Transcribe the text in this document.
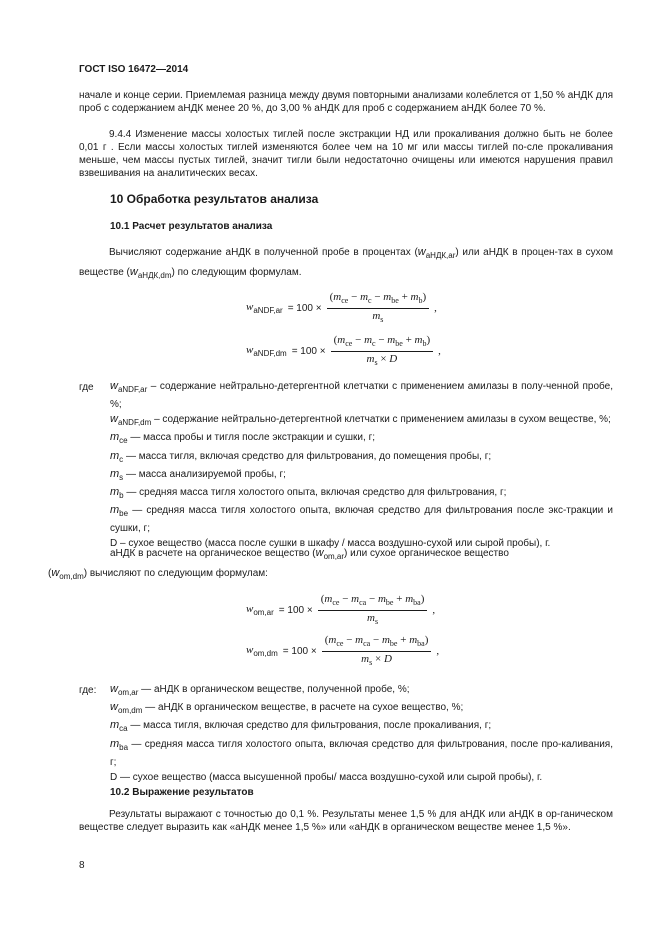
ГОСТ ISO 16472—2014

начале и конце серии. Приемлемая разница между двумя повторными анализами колеблется от 1,50 % аНДК для проб с содержанием аНДК менее 20 %, до 3,00 % аНДК для проб с содержанием аНДК более 70 %.

9.4.4 Изменение массы холостых тиглей после экстракции НД или прокаливания должно быть не более 0,01 г . Если массы холостых тиглей изменяются более чем на 10 мг или массы тиглей по-сле прокаливания меньше, чем массы пустых тиглей, значит тигли были недостаточно очищены или имеются нарушения правил взвешивания на аналитических весах.

10 Обработка результатов анализа
10.1 Расчет результатов анализа

Вычисляют содержание аНДК в полученной пробе в процентах $(w_{аНДК,ar})$ или аНДК в процен-тах в сухом веществе $(w_{аНДК,dm})$ по следующим формулам.

$w_{aNDF,ar} = 100 \times \frac{(m_{ce} - m_c - m_{be} + m_b)}{m_s}$ ,
$w_{aNDF,dm} = 100 \times \frac{(m_{ce} - m_c - m_{be} + m_b)}{m_s \times D}$ ,
где $w_{aNDF,ar}$ – содержание нейтрально-детергентной клетчатки с применением амилазы в полу-ченной пробе, %;

$w_{aNDF,dm}$ – содержание нейтрально-детергентной клетчатки с применением амилазы в сухом веществе, %;

$m_{ce}$ — масса пробы и тигля после экстракции и сушки, г;

$m_c$ — масса тигля, включая средство для фильтрования, до помещения пробы, г;

$m_s$ — масса анализируемой пробы, г;

$m_b$ — средняя масса тигля холостого опыта, включая средство для фильтрования, г;

$m_{be}$ — средняя масса тигля холостого опыта, включая средство для фильтрования после экс-тракции и сушки, г;

D – сухое вещество (масса после сушки в шкафу / масса воздушно-сухой или сырой пробы), г.

аНДК в расчете на органическое вещество $(w_{om,ar})$ или сухое органическое вещество
$(w_{om,dm})$ вычисляют по следующим формулам:

$w_{om,ar} = 100 \times \frac{(m_{ce} - m_{ca} - m_{be} + m_{ba})}{m_s}$ ,
$w_{om,dm} = 100 \times \frac{(m_{ce} - m_{ca} - m_{be} + m_{ba})}{m_s \times D}$ ,
где: $w_{om,ar}$ — аНДК в органическом веществе, полученной пробе, %;

$w_{om,dm}$ — аНДК в органическом веществе, в расчете на сухое вещество, %;

$m_{ca}$ — масса тигля, включая средство для фильтрования, после прокаливания, г;

$m_{ba}$ — средняя масса тигля холостого опыта, включая средство для фильтрования, после про-каливания, г;

D — сухое вещество (масса высушенной пробы/ масса воздушно-сухой или сырой пробы), г.

10.2 Выражение результатов

Результаты выражают с точностью до 0,1 %. Результаты менее 1,5 % для аНДК или аНДК в ор-ганическом веществе следует выразить как «аНДК менее 1,5 %» или «аНДК в органическом веществе менее 1,5 %».

8
